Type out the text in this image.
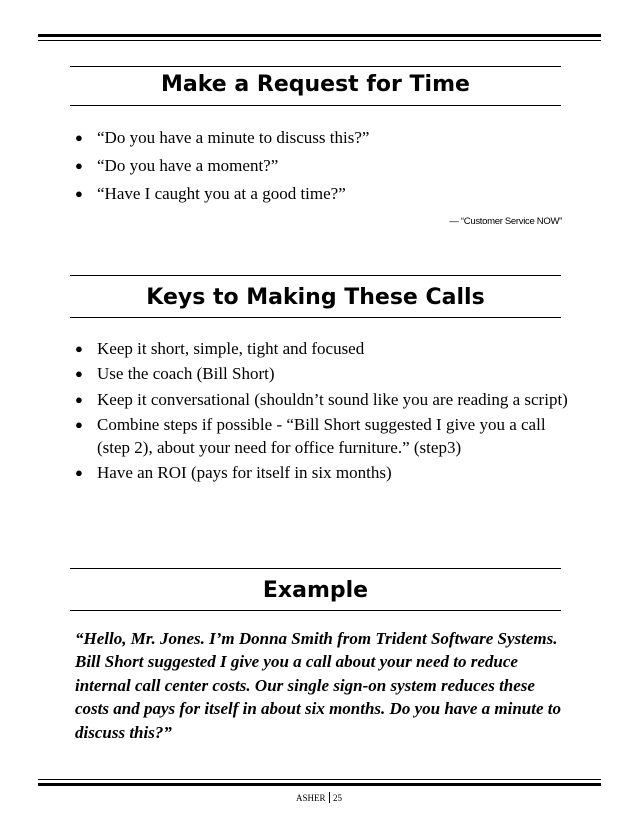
Make a Request for Time
● “Do you have a minute to discuss this?”
● “Do you have a moment?”
● “Have I caught you at a good time?”
— “Customer Service NOW”
Keys to Making These Calls
● Keep it short, simple, tight and focused
● Use the coach (Bill Short)
● Keep it conversational (shouldn’t sound like you are reading a script)
● Combine steps if possible - “Bill Short suggested I give you a call (step 2), about your need for office furniture.” (step3)
● Have an ROI (pays for itself in six months)
Example
“Hello, Mr. Jones. I’m Donna Smith from Trident Software Systems. Bill Short suggested I give you a call about your need to reduce internal call center costs. Our single sign-on system reduces these costs and pays for itself in about six months. Do you have a minute to discuss this?”
ASHER 25
